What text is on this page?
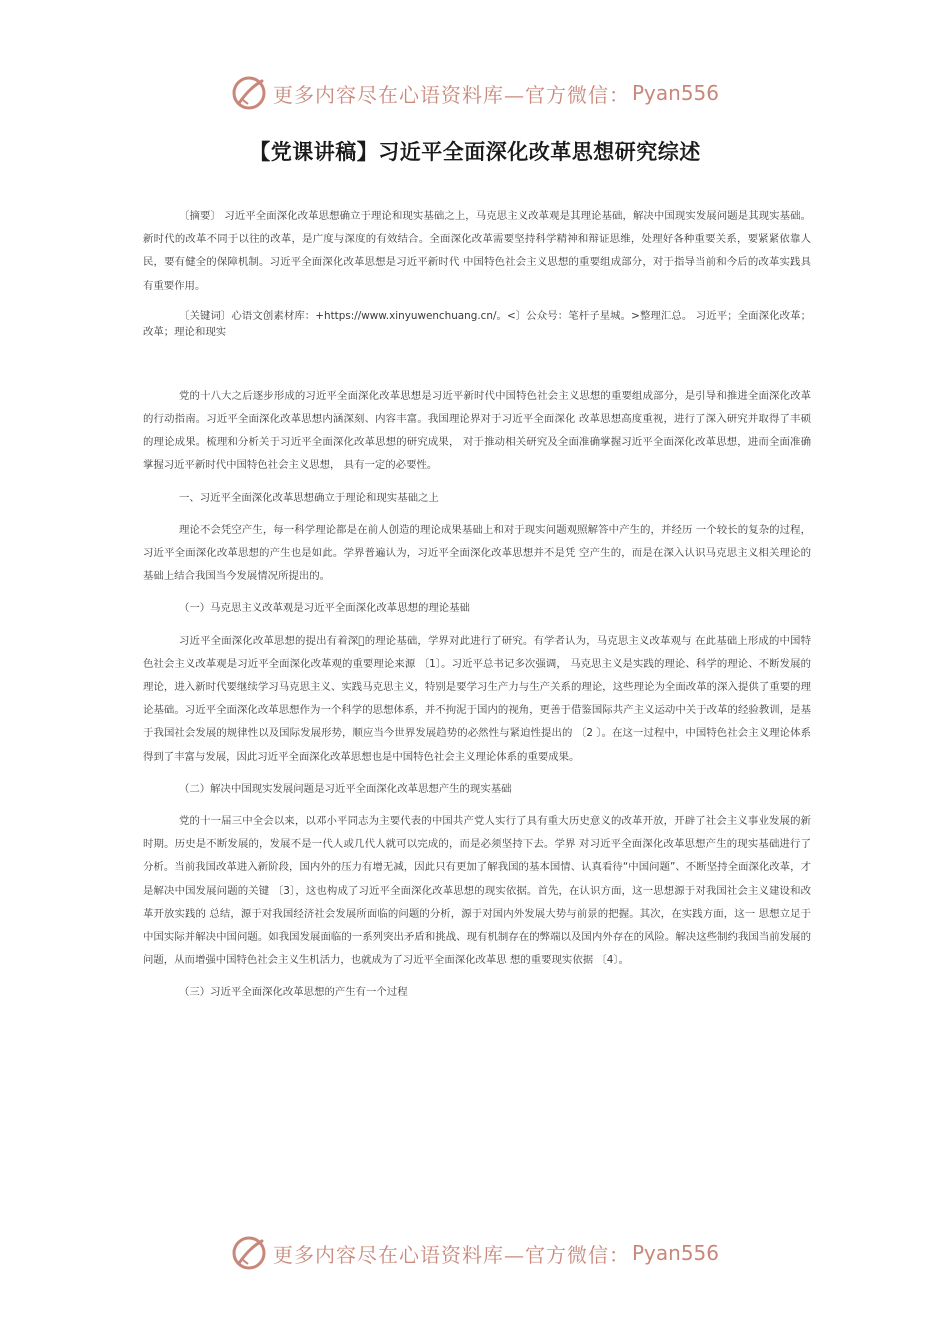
更多内容尽在心语资料库—官方微信： Pyan556
【党课讲稿】习近平全面深化改革思想研究综述

〔摘要〕 习近平全面深化改革思想确立于理论和现实基础之上，马克思主义改革观是其理论基础，解决中国现实发展问题是其现实基础。新时代的改革不同于以往的改革，是广度与深度的有效结合。全面深化改革需要坚持科学精神和辩证思维，处理好各种重要关系，要紧紧依靠人民，要有健全的保障机制。习近平全面深化改革思想是习近平新时代 中国特色社会主义思想的重要组成部分，对于指导当前和今后的改革实践具有重要作用。

〔关键词〕心语文创素材库：+https://www.xinyuwenchuang.cn/。<〕公众号：笔杆子星城。>整理汇总。 习近平；全面深化改革；改革；理论和现实

党的十八大之后逐步形成的习近平全面深化改革思想是习近平新时代中国特色社会主义思想的重要组成部分，是引导和推进全面深化改革的行动指南。习近平全面深化改革思想内涵深刻、内容丰富。我国理论界对于习近平全面深化 改革思想高度重视，进行了深入研究并取得了丰硕的理论成果。梳理和分析关于习近平全面深化改革思想的研究成果， 对于推动相关研究及全面准确掌握习近平全面深化改革思想，进而全面准确掌握习近平新时代中国特色社会主义思想， 具有一定的必要性。

一、习近平全面深化改革思想确立于理论和现实基础之上

理论不会凭空产生，每一科学理论都是在前人创造的理论成果基础上和对于现实问题观照解答中产生的，并经历 一个较长的复杂的过程，习近平全面深化改革思想的产生也是如此。学界普遍认为，习近平全面深化改革思想并不是凭 空产生的，而是在深入认识马克思主义相关理论的基础上结合我国当今发展情况所提出的。

（一）马克思主义改革观是习近平全面深化改革思想的理论基础

习近平全面深化改革思想的提出有着深 的理论基础，学界对此进行了研究。有学者认为，马克思主义改革观与 在此基础上形成的中国特色社会主义改革观是习近平全面深化改革观的重要理论来源 〔1〕。习近平总书记多次强调， 马克思主义是实践的理论、科学的理论、不断发展的理论，进入新时代要继续学习马克思主义、实践马克思主义，特别是要学习生产力与生产关系的理论，这些理论为全面改革的深入提供了重要的理论基础。习近平全面深化改革思想作为一个科学的思想体系，并不拘泥于国内的视角，更善于借鉴国际共产主义运动中关于改革的经验教训，是基于我国社会发展的规律性以及国际发展形势，顺应当今世界发展趋势的必然性与紧迫性提出的 〔2 〕。在这一过程中，中国特色社会主义理论体系得到了丰富与发展，因此习近平全面深化改革思想也是中国特色社会主义理论体系的重要成果。

（二）解决中国现实发展问题是习近平全面深化改革思想产生的现实基础

党的十一届三中全会以来，以邓小平同志为主要代表的中国共产党人实行了具有重大历史意义的改革开放，开辟了社会主义事业发展的新时期。历史是不断发展的，发展不是一代人或几代人就可以完成的，而是必须坚持下去。学界 对习近平全面深化改革思想产生的现实基础进行了分析。当前我国改革进入新阶段，国内外的压力有增无减，因此只有更加了解我国的基本国情、认真看待“中国问题”、不断坚持全面深化改革，才是解决中国发展问题的关键 〔3〕，这也构成了习近平全面深化改革思想的现实依据。首先，在认识方面，这一思想源于对我国社会主义建设和改革开放实践的 总结，源于对我国经济社会发展所面临的问题的分析，源于对国内外发展大势与前景的把握。其次，在实践方面，这一 思想立足于中国实际并解决中国问题。如我国发展面临的一系列突出矛盾和挑战、现有机制存在的弊端以及国内外存在的风险。解决这些制约我国当前发展的问题，从而增强中国特色社会主义生机活力，也就成为了习近平全面深化改革思 想的重要现实依据 〔4〕。

（三）习近平全面深化改革思想的产生有一个过程

更多内容尽在心语资料库—官方微信： Pyan556
